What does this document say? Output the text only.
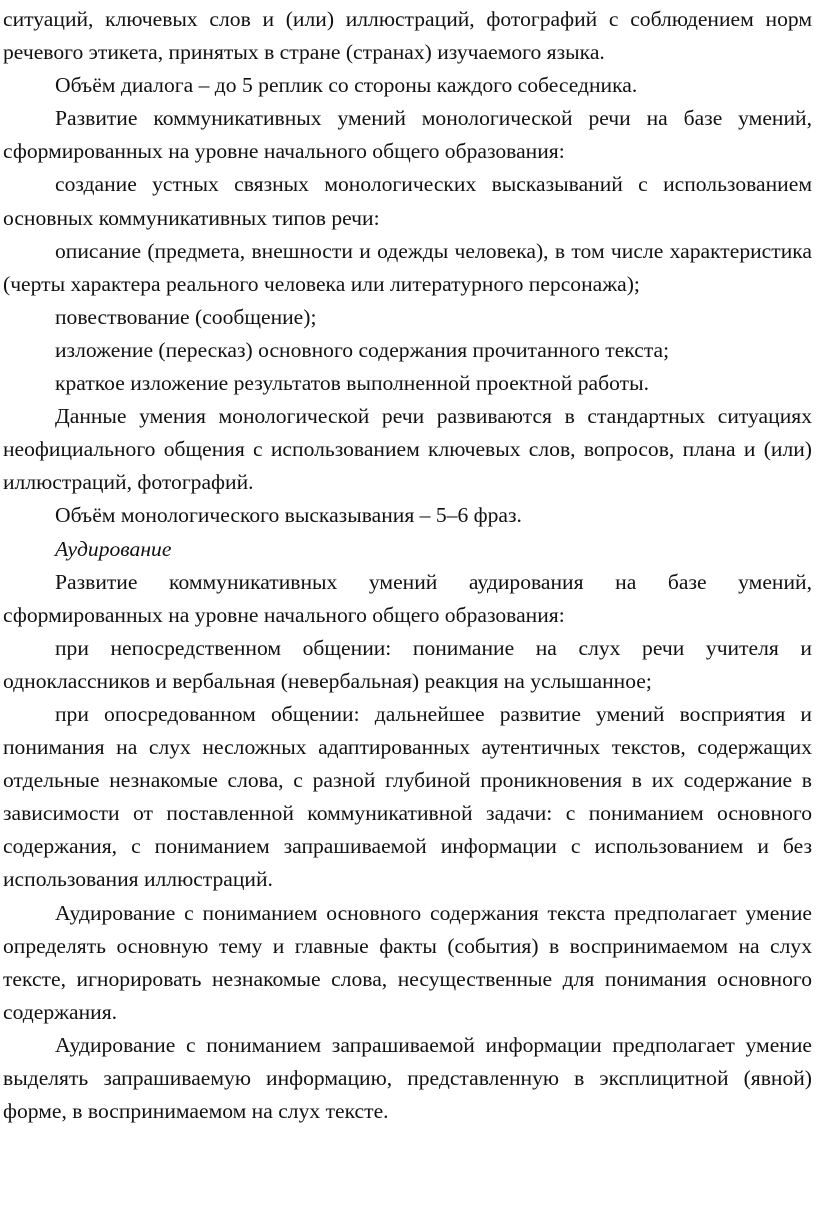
ситуаций, ключевых слов и (или) иллюстраций, фотографий с соблюдением норм речевого этикета, принятых в стране (странах) изучаемого языка.

Объём диалога – до 5 реплик со стороны каждого собеседника.

Развитие коммуникативных умений монологической речи на базе умений, сформированных на уровне начального общего образования:

создание устных связных монологических высказываний с использованием основных коммуникативных типов речи:

описание (предмета, внешности и одежды человека), в том числе характеристика (черты характера реального человека или литературного персонажа);

повествование (сообщение);

изложение (пересказ) основного содержания прочитанного текста;

краткое изложение результатов выполненной проектной работы.

Данные умения монологической речи развиваются в стандартных ситуациях неофициального общения с использованием ключевых слов, вопросов, плана и (или) иллюстраций, фотографий.

Объём монологического высказывания – 5–6 фраз.

Аудирование

Развитие коммуникативных умений аудирования на базе умений, сформированных на уровне начального общего образования:

при непосредственном общении: понимание на слух речи учителя и одноклассников и вербальная (невербальная) реакция на услышанное;

при опосредованном общении: дальнейшее развитие умений восприятия и понимания на слух несложных адаптированных аутентичных текстов, содержащих отдельные незнакомые слова, с разной глубиной проникновения в их содержание в зависимости от поставленной коммуникативной задачи: с пониманием основного содержания, с пониманием запрашиваемой информации с использованием и без использования иллюстраций.

Аудирование с пониманием основного содержания текста предполагает умение определять основную тему и главные факты (события) в воспринимаемом на слух тексте, игнорировать незнакомые слова, несущественные для понимания основного содержания.

Аудирование с пониманием запрашиваемой информации предполагает умение выделять запрашиваемую информацию, представленную в эксплицитной (явной) форме, в воспринимаемом на слух тексте.
